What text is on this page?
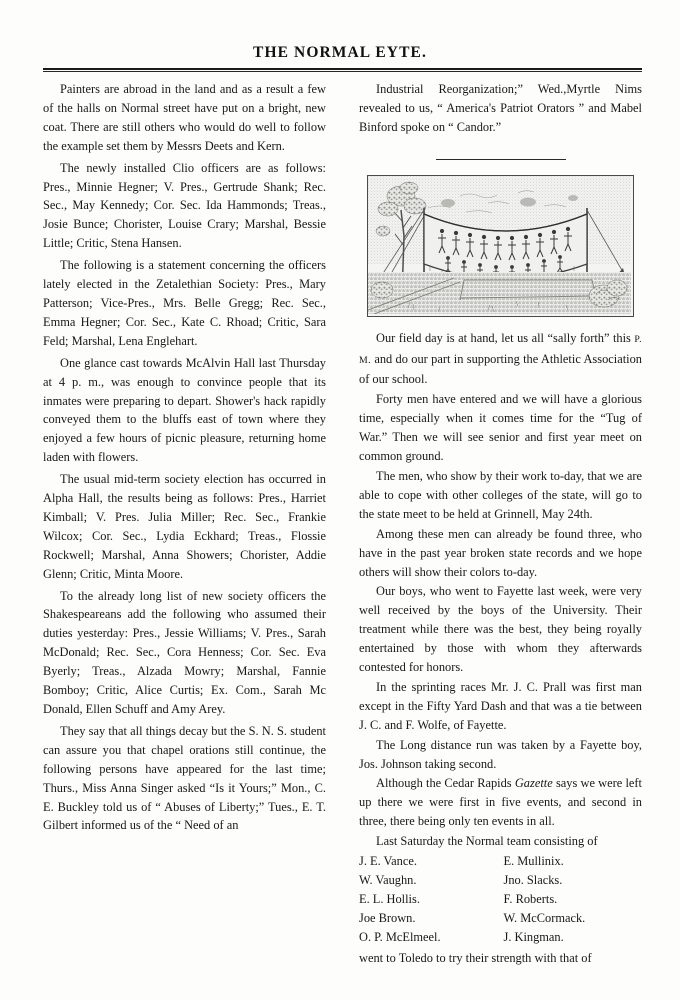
THE NORMAL EYTE.

Painters are abroad in the land and as a result a few of the halls on Normal street have put on a bright, new coat. There are still others who would do well to follow the example set them by Messrs Deets and Kern.

The newly installed Clio officers are as follows: Pres., Minnie Hegner; V. Pres., Gertrude Shank; Rec. Sec., May Kennedy; Cor. Sec. Ida Hammonds; Treas., Josie Bunce; Chorister, Louise Crary; Marshal, Bessie Little; Critic, Stena Hansen.

The following is a statement concerning the officers lately elected in the Zetalethian Society: Pres., Mary Patterson; Vice-Pres., Mrs. Belle Gregg; Rec. Sec., Emma Hegner; Cor. Sec., Kate C. Rhoad; Critic, Sara Feld; Marshal, Lena Englehart.

One glance cast towards McAlvin Hall last Thursday at 4 p. m., was enough to convince people that its inmates were preparing to depart. Shower's hack rapidly conveyed them to the bluffs east of town where they enjoyed a few hours of picnic pleasure, returning home laden with flowers.

The usual mid-term society election has occurred in Alpha Hall, the results being as follows: Pres., Harriet Kimball; V. Pres. Julia Miller; Rec. Sec., Frankie Wilcox; Cor. Sec., Lydia Eckhard; Treas., Flossie Rockwell; Marshal, Anna Showers; Chorister, Addie Glenn; Critic, Minta Moore.

To the already long list of new society officers the Shakespeareans add the following who assumed their duties yesterday: Pres., Jessie Williams; V. Pres., Sarah McDonald; Rec. Sec., Cora Henness; Cor. Sec. Eva Byerly; Treas., Alzada Mowry; Marshal, Fannie Bomboy; Critic, Alice Curtis; Ex. Com., Sarah Mc Donald, Ellen Schuff and Amy Arey.

They say that all things decay but the S. N. S. student can assure you that chapel orations still continue, the following persons have appeared for the last time; Thurs., Miss Anna Singer asked “Is it Yours;” Mon., C. E. Buckley told us of “ Abuses of Liberty;” Tues., E. T. Gilbert informed us of the “ Need of an

Industrial Reorganization;” Wed.,Myrtle Nims revealed to us, “ America's Patriot Orators ” and Mabel Binford spoke on “ Candor.”

Our field day is at hand, let us all “sally forth” this P. M. and do our part in supporting the Athletic Association of our school.

Forty men have entered and we will have a glorious time, especially when it comes time for the “Tug of War.” Then we will see senior and first year meet on common ground.

The men, who show by their work to-day, that we are able to cope with other colleges of the state, will go to the state meet to be held at Grinnell, May 24th.

Among these men can already be found three, who have in the past year broken state records and we hope others will show their colors to-day.

Our boys, who went to Fayette last week, were very well received by the boys of the University. Their treatment while there was the best, they being royally entertained by those with whom they afterwards contested for honors.

In the sprinting races Mr. J. C. Prall was first man except in the Fifty Yard Dash and that was a tie between J. C. and F. Wolfe, of Fayette.

The Long distance run was taken by a Fayette boy, Jos. Johnson taking second.

Although the Cedar Rapids Gazette says we were left up there we were first in five events, and second in three, there being only ten events in all.

Last Saturday the Normal team consisting of

J. E. Vance.	E. Mullinix.
W. Vaughn.	Jno. Slacks.
E. L. Hollis.	F. Roberts.
Joe Brown.	W. McCormack.
O. P. McElmeel.	J. Kingman.

went to Toledo to try their strength with that of
